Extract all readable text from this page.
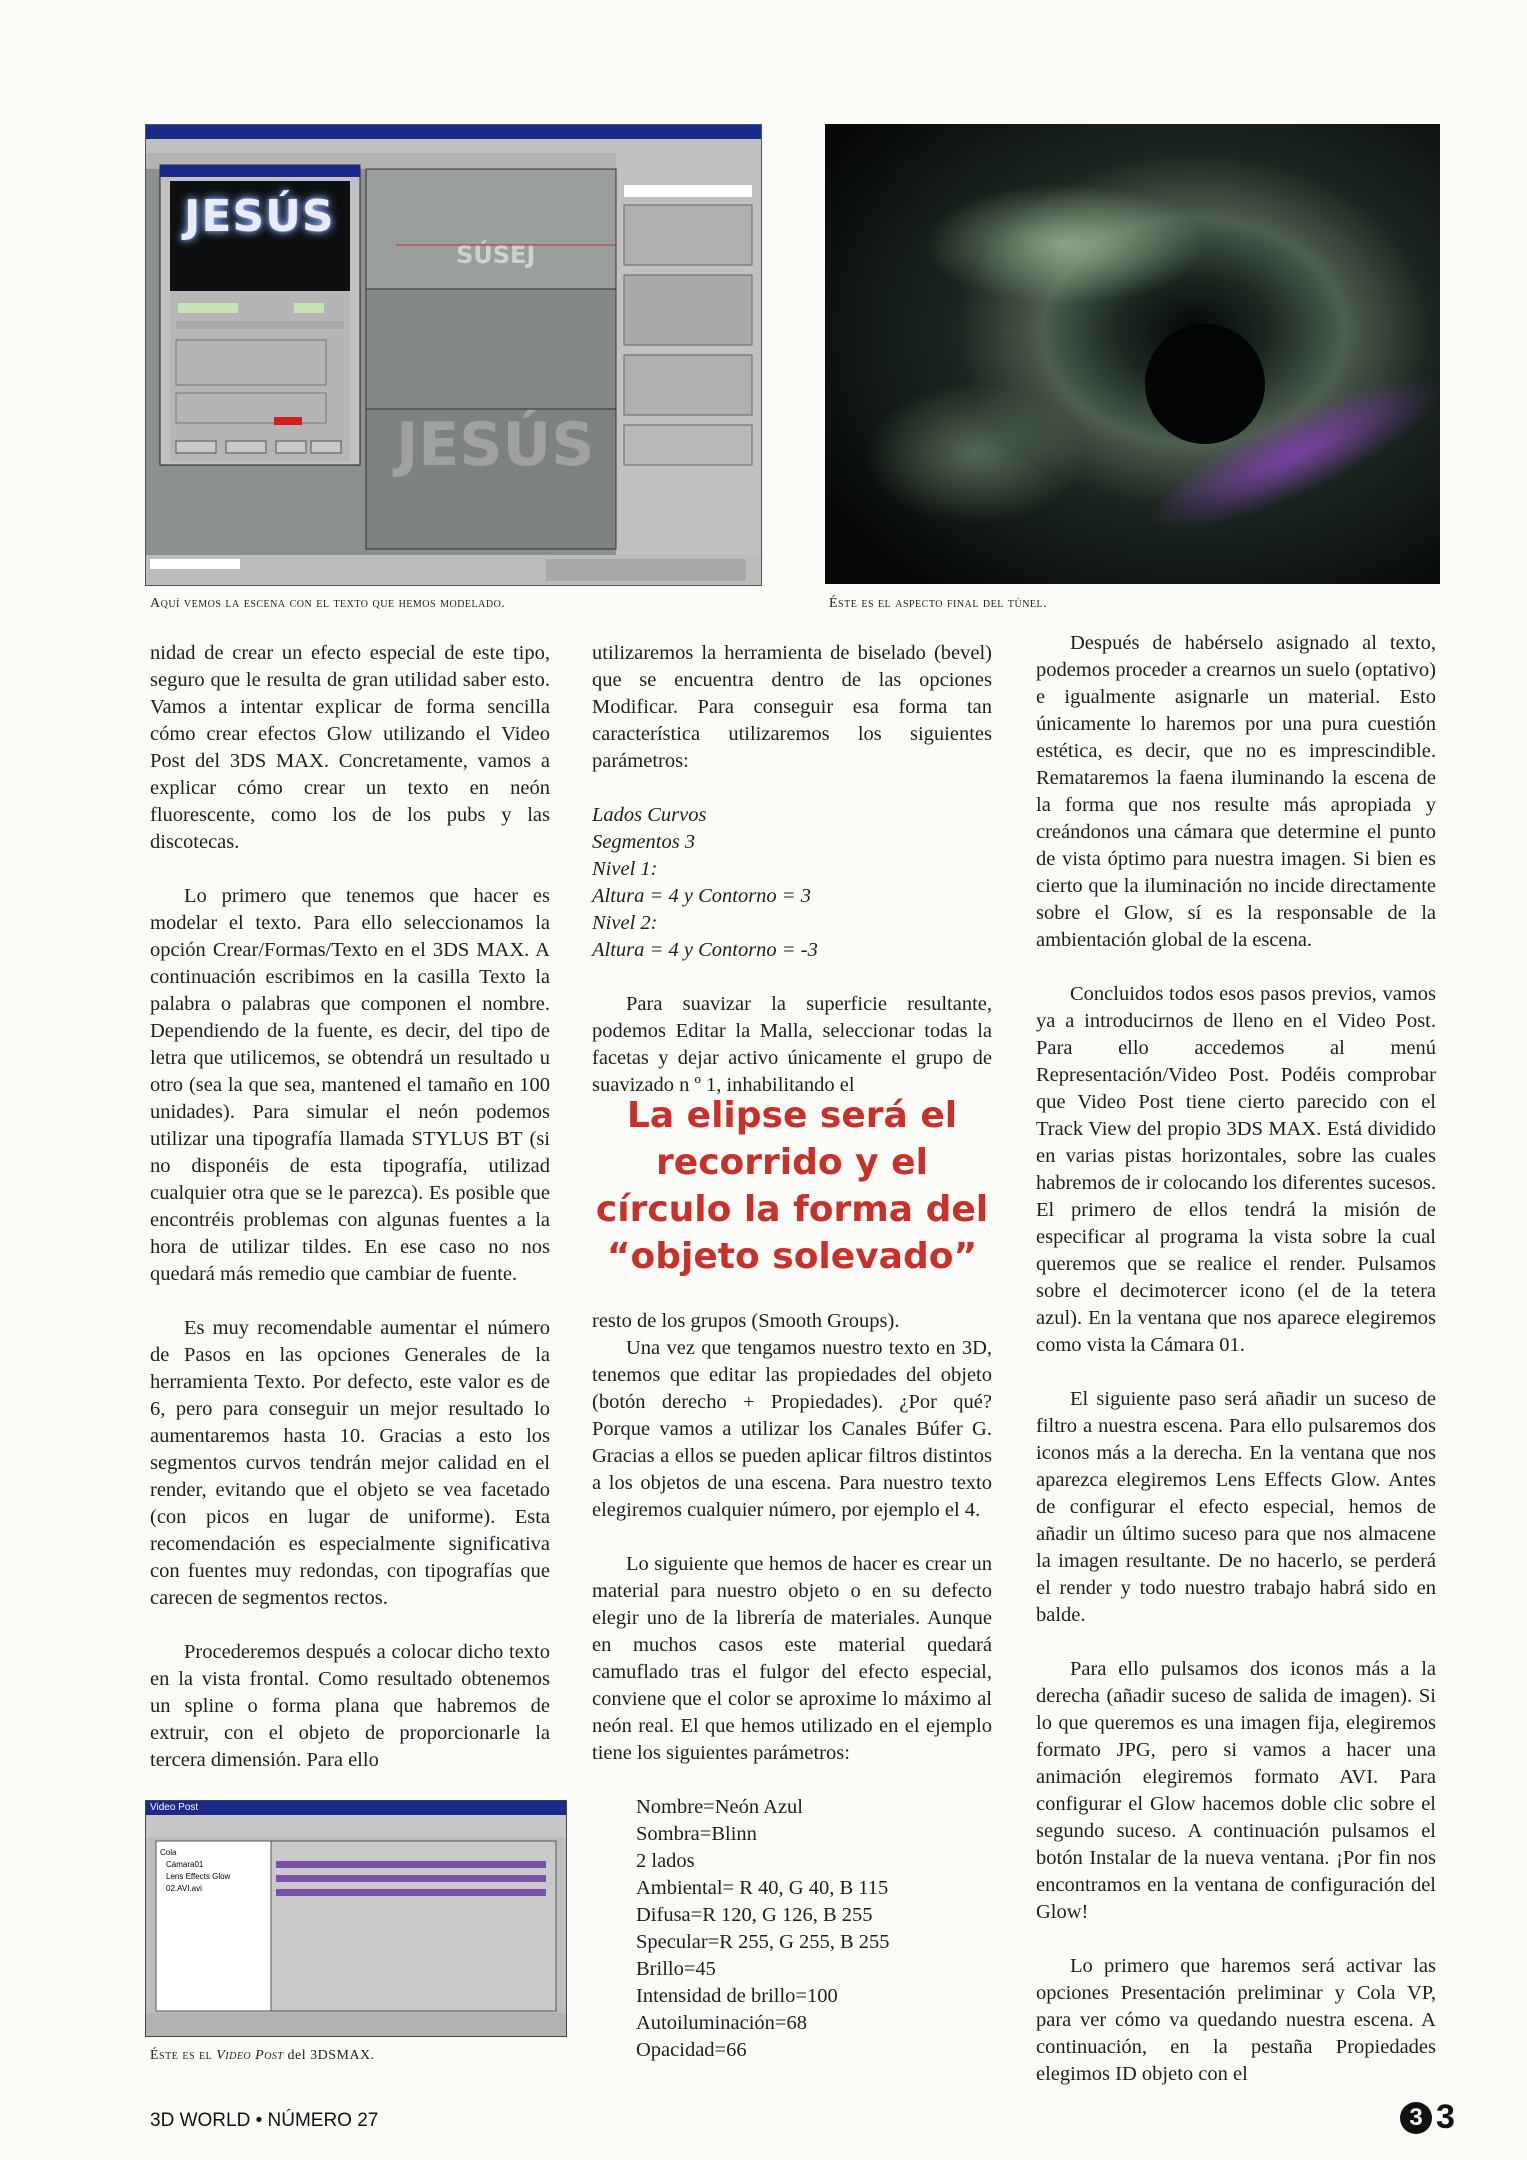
SÚSEJ
JESÚS
JESÚS
Aquí vemos la escena con el texto que hemos modelado.	Éste es el aspecto final del túnel.
Video Post
Cola
Cámara01
Lens Effects Glow
02.AVI.avi
Éste es el Video Post del 3DSMAX.

nidad de crear un efecto especial de este tipo, seguro que le resulta de gran utilidad saber esto. Vamos a intentar explicar de forma sencilla cómo crear efectos Glow utilizando el Video Post del 3DS MAX. Concretamente, vamos a explicar cómo crear un texto en neón fluorescente, como los de los pubs y las discotecas.

Lo primero que tenemos que hacer es modelar el texto. Para ello seleccionamos la opción Crear/Formas/Texto en el 3DS MAX. A continuación escribimos en la casilla Texto la palabra o palabras que componen el nombre. Dependiendo de la fuente, es decir, del tipo de letra que utilicemos, se obtendrá un resultado u otro (sea la que sea, mantened el tamaño en 100 unidades). Para simular el neón podemos utilizar una tipografía llamada STYLUS BT (si no disponéis de esta tipografía, utilizad cualquier otra que se le parezca). Es posible que encontréis problemas con algunas fuentes a la hora de utilizar tildes. En ese caso no nos quedará más remedio que cambiar de fuente.

Es muy recomendable aumentar el número de Pasos en las opciones Generales de la herramienta Texto. Por defecto, este valor es de 6, pero para conseguir un mejor resultado lo aumentaremos hasta 10. Gracias a esto los segmentos curvos tendrán mejor calidad en el render, evitando que el objeto se vea facetado (con picos en lugar de uniforme). Esta recomendación es especialmente significativa con fuentes muy redondas, con tipografías que carecen de segmentos rectos.

Procederemos después a colocar dicho texto en la vista frontal. Como resultado obtenemos un spline o forma plana que habremos de extruir, con el objeto de proporcionarle la tercera dimensión. Para ello

utilizaremos la herramienta de biselado (bevel) que se encuentra dentro de las opciones Modificar. Para conseguir esa forma tan característica utilizaremos los siguientes parámetros:

Lados Curvos
Segmentos 3
Nivel 1:
Altura = 4 y Contorno = 3
Nivel 2:
Altura = 4 y Contorno = -3

Para suavizar la superficie resultante, podemos Editar la Malla, seleccionar todas la facetas y dejar activo únicamente el grupo de suavizado n º 1, inhabilitando el

La elipse será el recorrido y el círculo la forma del “objeto solevado”

resto de los grupos (Smooth Groups).

Una vez que tengamos nuestro texto en 3D, tenemos que editar las propiedades del objeto (botón derecho + Propiedades). ¿Por qué? Porque vamos a utilizar los Canales Búfer G. Gracias a ellos se pueden aplicar filtros distintos a los objetos de una escena. Para nuestro texto elegiremos cualquier número, por ejemplo el 4.

Lo siguiente que hemos de hacer es crear un material para nuestro objeto o en su defecto elegir uno de la librería de materiales. Aunque en muchos casos este material quedará camuflado tras el fulgor del efecto especial, conviene que el color se aproxime lo máximo al neón real. El que hemos utilizado en el ejemplo tiene los siguientes parámetros:

Nombre=Neón Azul
Sombra=Blinn
2 lados
Ambiental= R 40, G 40, B 115
Difusa=R 120, G 126, B 255
Specular=R 255, G 255, B 255
Brillo=45
Intensidad de brillo=100
Autoiluminación=68
Opacidad=66

Después de habérselo asignado al texto, podemos proceder a crearnos un suelo (optativo) e igualmente asignarle un material. Esto únicamente lo haremos por una pura cuestión estética, es decir, que no es imprescindible. Remataremos la faena iluminando la escena de la forma que nos resulte más apropiada y creándonos una cámara que determine el punto de vista óptimo para nuestra imagen. Si bien es cierto que la iluminación no incide directamente sobre el Glow, sí es la responsable de la ambientación global de la escena.

Concluidos todos esos pasos previos, vamos ya a introducirnos de lleno en el Video Post. Para ello accedemos al menú Representación/Video Post. Podéis comprobar que Video Post tiene cierto parecido con el Track View del propio 3DS MAX. Está dividido en varias pistas horizontales, sobre las cuales habremos de ir colocando los diferentes sucesos. El primero de ellos tendrá la misión de especificar al programa la vista sobre la cual queremos que se realice el render. Pulsamos sobre el decimotercer icono (el de la tetera azul). En la ventana que nos aparece elegiremos como vista la Cámara 01.

El siguiente paso será añadir un suceso de filtro a nuestra escena. Para ello pulsaremos dos iconos más a la derecha. En la ventana que nos aparezca elegiremos Lens Effects Glow. Antes de configurar el efecto especial, hemos de añadir un último suceso para que nos almacene la imagen resultante. De no hacerlo, se perderá el render y todo nuestro trabajo habrá sido en balde.

Para ello pulsamos dos iconos más a la derecha (añadir suceso de salida de imagen). Si lo que queremos es una imagen fija, elegiremos formato JPG, pero si vamos a hacer una animación elegiremos formato AVI. Para configurar el Glow hacemos doble clic sobre el segundo suceso. A continuación pulsamos el botón Instalar de la nueva ventana. ¡Por fin nos encontramos en la ventana de configuración del Glow!

Lo primero que haremos será activar las opciones Presentación preliminar y Cola VP, para ver cómo va quedando nuestra escena. A continuación, en la pestaña Propiedades elegimos ID objeto con el

3D WORLD • NÚMERO 27	3 3
